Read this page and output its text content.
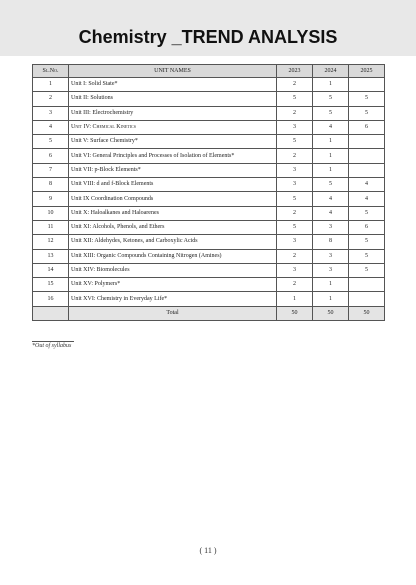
Chemistry _TREND ANALYSIS
Sl.No.	UNIT NAMES	2023	2024	2025
1	Unit I: Solid State*	2	1	
2	Unit II: Solutions	5	5	5
3	Unit III: Electrochemistry	2	5	5
4	Unit IV: Chemical Kinetics	3	4	6
5	Unit V: Surface Chemistry*	5	1	
6	Unit VI: General Principles and Processes of Isolation of Elements*	2	1	
7	Unit VII: p-Block Elements*	3	1	
8	Unit VIII: d and f-Block Elements	3	5	4
9	Unit IX Coordination Compounds	5	4	4
10	Unit X: Haloalkanes and Haloarenes	2	4	5
11	Unit XI: Alcohols, Phenols, and Ethers	5	3	6
12	Unit XII: Aldehydes, Ketones, and Carboxylic Acids	3	8	5
13	Unit XIII: Organic Compounds Containing Nitrogen (Amines)	2	3	5
14	Unit XIV: Biomolecules	3	3	5
15	Unit XV: Polymers*	2	1	
16	Unit XVI: Chemistry in Everyday Life*	1	1	
	Total	50	50	50
*Out of syllabus
( 11 )
